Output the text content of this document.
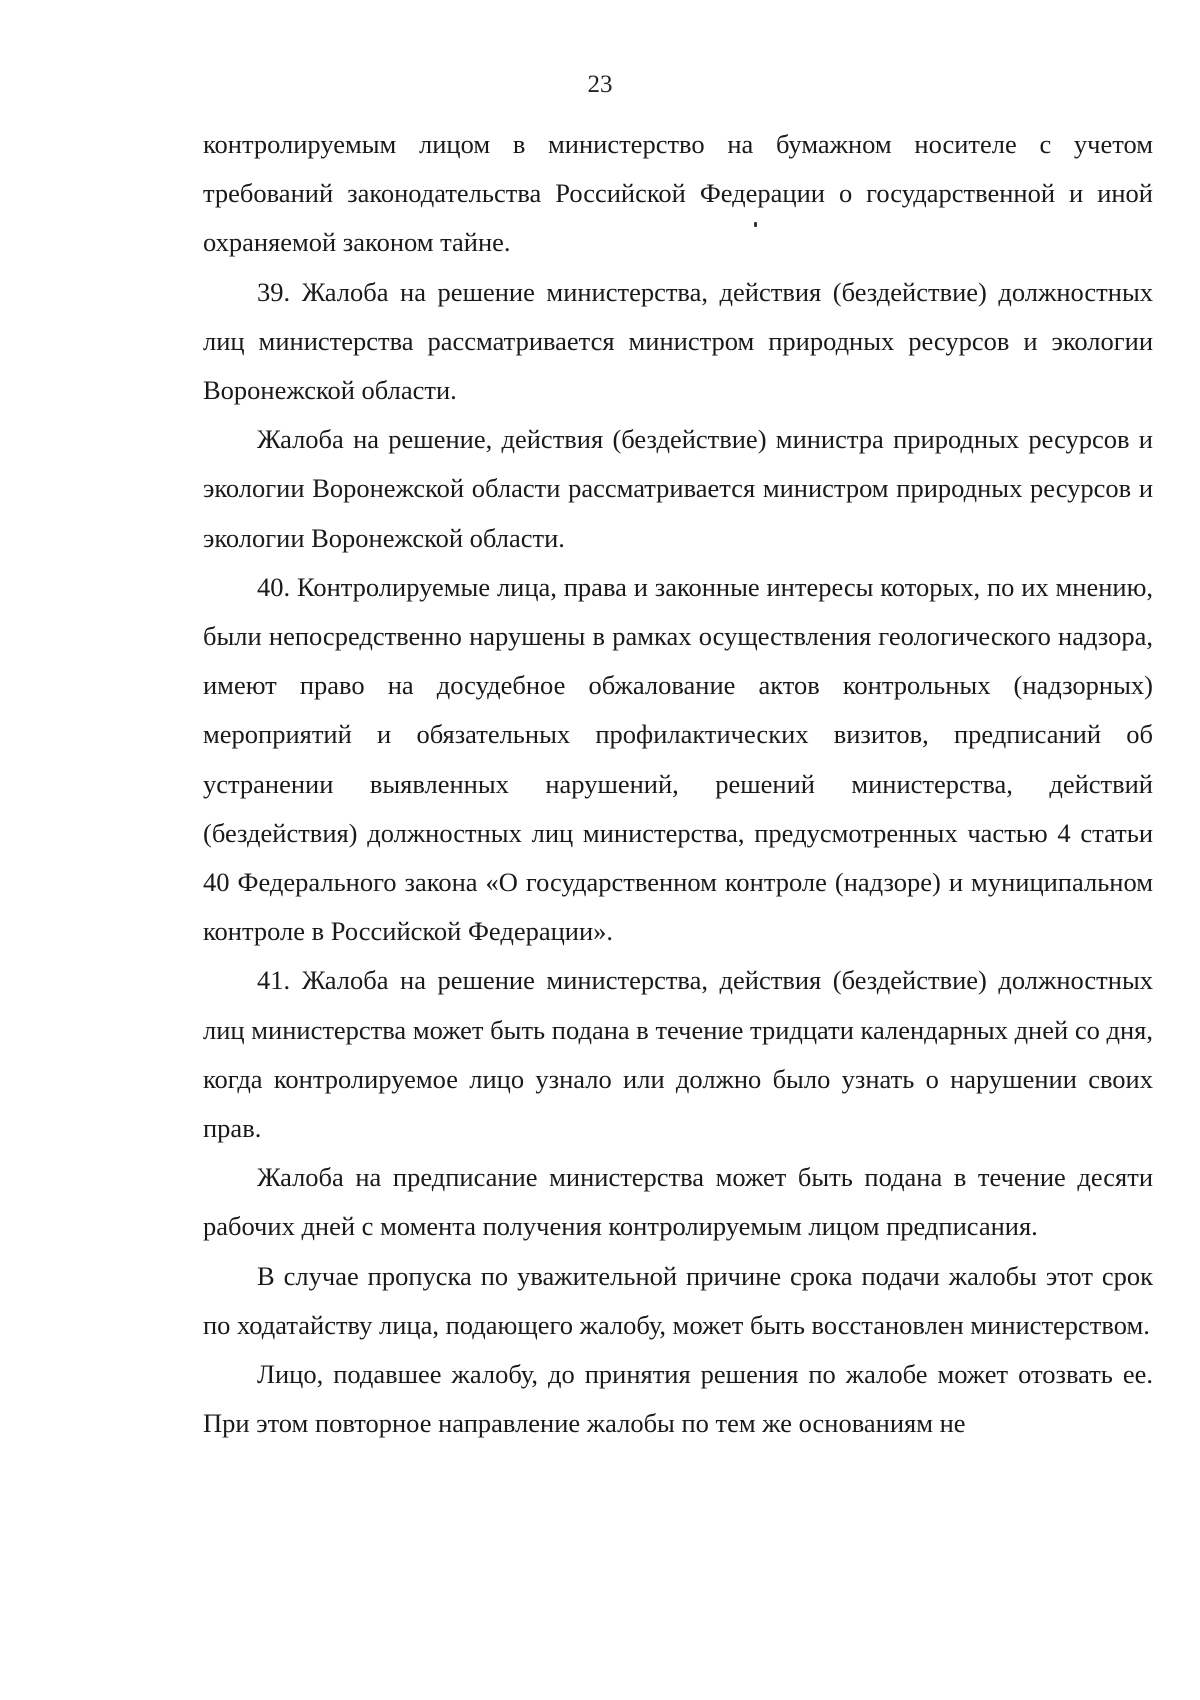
23

контролируемым лицом в министерство на бумажном носителе с учетом требований законодательства Российской Федерации о государственной и иной охраняемой законом тайне.

39. Жалоба на решение министерства, действия (бездействие) должностных лиц министерства рассматривается министром природных ресурсов и экологии Воронежской области.

Жалоба на решение, действия (бездействие) министра природных ресурсов и экологии Воронежской области рассматривается министром природных ресурсов и экологии Воронежской области.

40. Контролируемые лица, права и законные интересы которых, по их мнению, были непосредственно нарушены в рамках осуществления геологического надзора, имеют право на досудебное обжалование актов контрольных (надзорных) мероприятий и обязательных профилактических визитов, предписаний об устранении выявленных нарушений, решений министерства, действий (бездействия) должностных лиц министерства, предусмотренных частью 4 статьи 40 Федерального закона «О государственном контроле (надзоре) и муниципальном контроле в Российской Федерации».

41. Жалоба на решение министерства, действия (бездействие) должностных лиц министерства может быть подана в течение тридцати календарных дней со дня, когда контролируемое лицо узнало или должно было узнать о нарушении своих прав.

Жалоба на предписание министерства может быть подана в течение десяти рабочих дней с момента получения контролируемым лицом предписания.

В случае пропуска по уважительной причине срока подачи жалобы этот срок по ходатайству лица, подающего жалобу, может быть восстановлен министерством.

Лицо, подавшее жалобу, до принятия решения по жалобе может отозвать ее. При этом повторное направление жалобы по тем же основаниям не
